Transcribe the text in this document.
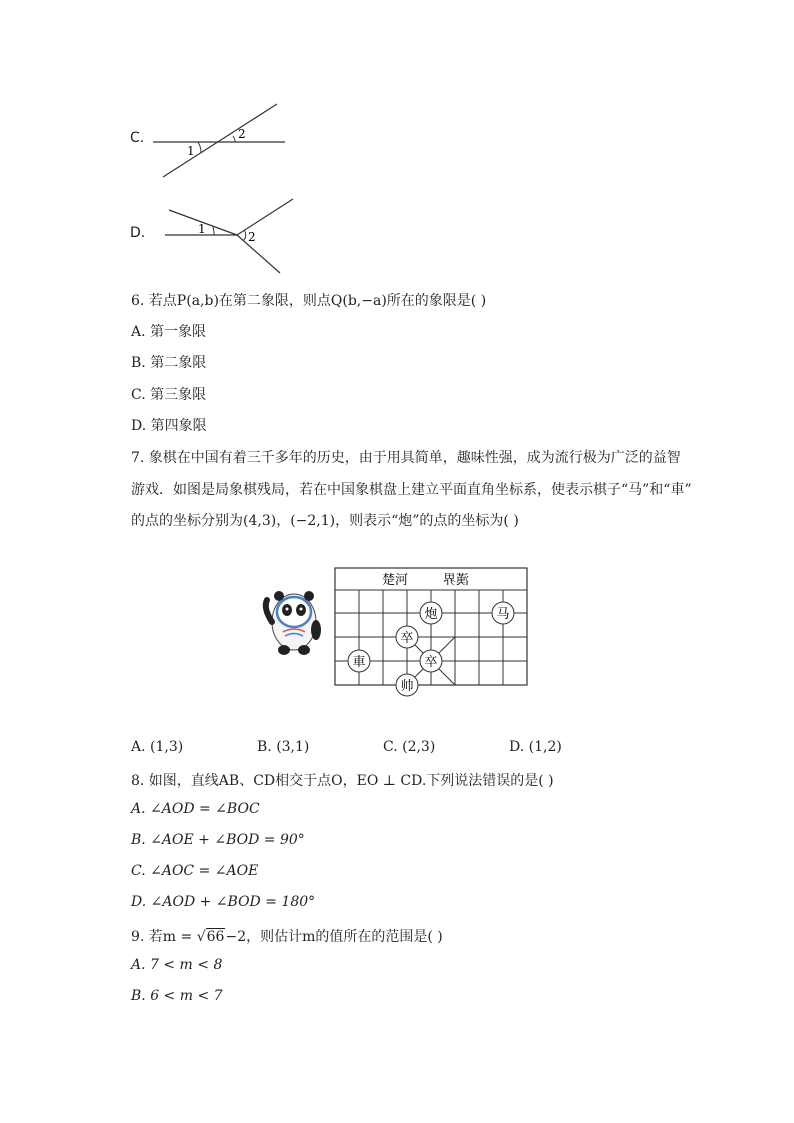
C.
1
2
D.	1
2
6. 若点P(a,b)在第二象限，则点Q(b,−a)所在的象限是( )
A. 第一象限
B. 第二象限
C. 第三象限
D. 第四象限
7. 象棋在中国有着三千多年的历史，由于用具简单，趣味性强，成为流行极为广泛的益智
游戏．如图是局象棋残局，若在中国象棋盘上建立平面直角坐标系，使表示棋子“马”和“車”
的点的坐标分别为(4,3)，(−2,1)，则表示“炮”的点的坐标为( )
楚河	漢界
炮	马
卒
卒
車
帅
A. (1,3)	B. (3,1)	C. (2,3)	D. (1,2)
8. 如图，直线AB、CD相交于点O，EO ⊥ CD.下列说法错误的是( )
A. ∠AOD = ∠BOC
B. ∠AOE + ∠BOD = 90°
C. ∠AOC = ∠AOE
D. ∠AOD + ∠BOD = 180°
9. 若m = √66−2，则估计m的值所在的范围是( )
A. 7 < m < 8
B. 6 < m < 7
